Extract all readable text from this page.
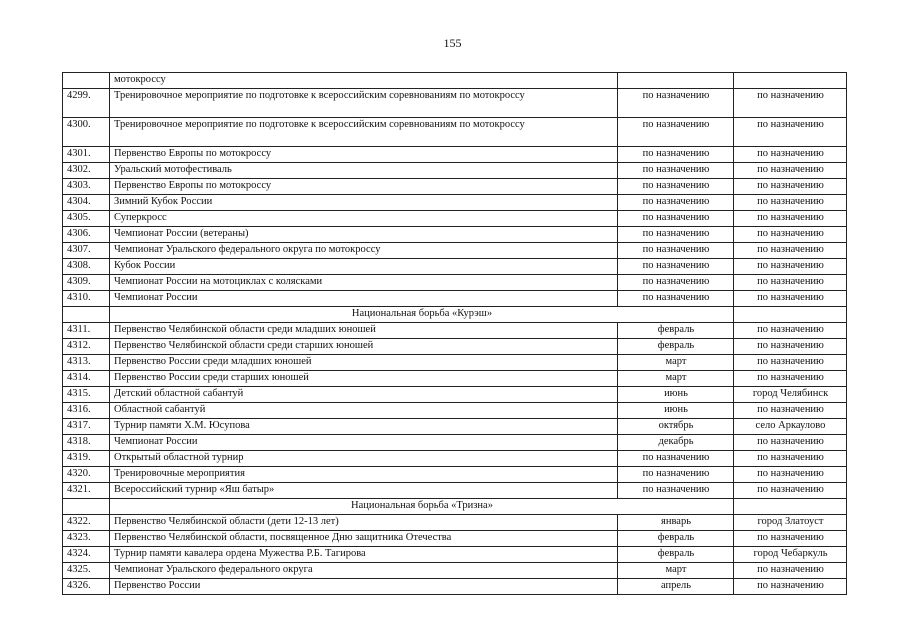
155
	мотокроссу		
4299.	Тренировочное мероприятие по подготовке к всероссийским соревнованиям по мотокроссу	по назначению	по назначению
4300.	Тренировочное мероприятие по подготовке к всероссийским соревнованиям по мотокроссу	по назначению	по назначению
4301.	Первенство Европы по мотокроссу	по назначению	по назначению
4302.	Уральский мотофестиваль	по назначению	по назначению
4303.	Первенство Европы по мотокроссу	по назначению	по назначению
4304.	Зимний Кубок России	по назначению	по назначению
4305.	Суперкросс	по назначению	по назначению
4306.	Чемпионат России (ветераны)	по назначению	по назначению
4307.	Чемпионат Уральского федерального округа по мотокроссу	по назначению	по назначению
4308.	Кубок России	по назначению	по назначению
4309.	Чемпионат России на мотоциклах с колясками	по назначению	по назначению
4310.	Чемпионат России	по назначению	по назначению
	Национальная борьба «Курэш»		
4311.	Первенство Челябинской области среди младших юношей	февраль	по назначению
4312.	Первенство Челябинской области среди старших юношей	февраль	по назначению
4313.	Первенство России среди младших юношей	март	по назначению
4314.	Первенство России среди старших юношей	март	по назначению
4315.	Детский областной сабантуй	июнь	город Челябинск
4316.	Областной сабантуй	июнь	по назначению
4317.	Турнир памяти Х.М. Юсупова	октябрь	село Аркаулово
4318.	Чемпионат России	декабрь	по назначению
4319.	Открытый областной турнир	по назначению	по назначению
4320.	Тренировочные мероприятия	по назначению	по назначению
4321.	Всероссийский турнир «Яш батыр»	по назначению	по назначению
	Национальная борьба «Тризна»		
4322.	Первенство Челябинской области (дети 12-13 лет)	январь	город Златоуст
4323.	Первенство Челябинской области, посвященное Дню защитника Отечества	февраль	по назначению
4324.	Турнир памяти кавалера ордена Мужества Р.Б. Тагирова	февраль	город Чебаркуль
4325.	Чемпионат Уральского федерального округа	март	по назначению
4326.	Первенство России	апрель	по назначению
